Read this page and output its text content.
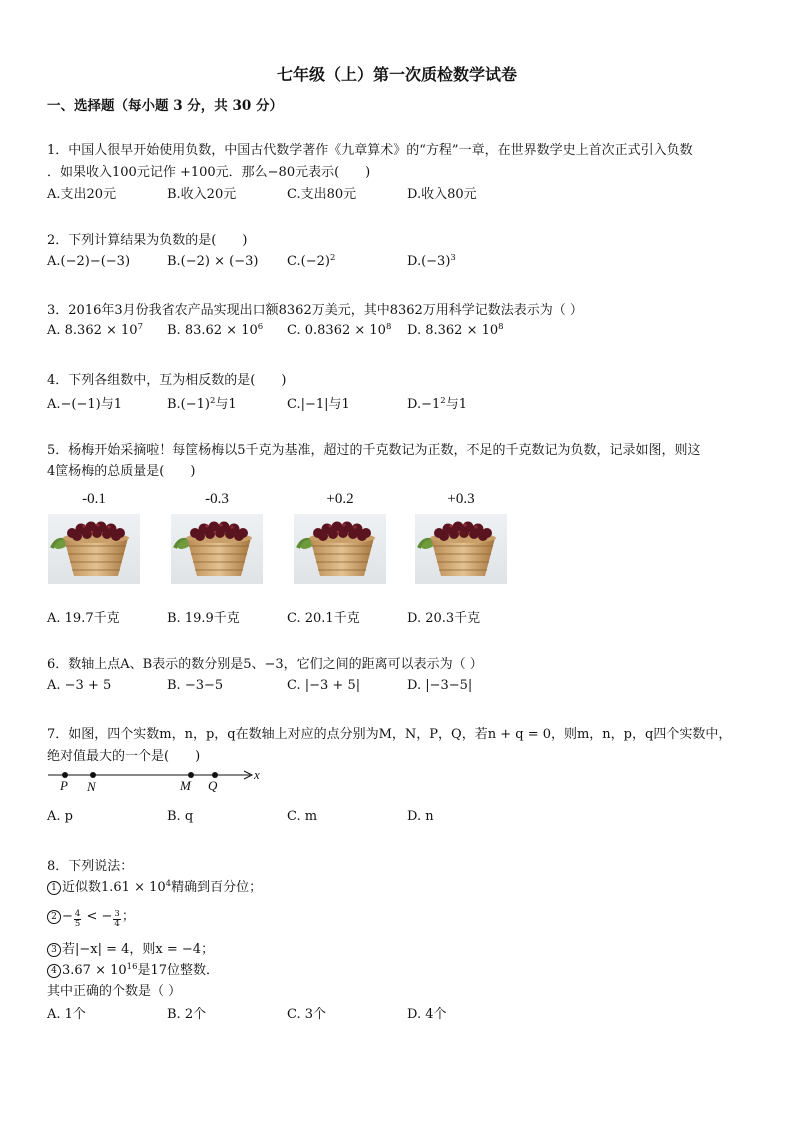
七年级（上）第一次质检数学试卷
一、选择题（每小题 3 分，共 30 分）
1．中国人很早开始使用负数，中国古代数学著作《九章算术》的“方程”一章，在世界数学史上首次正式引入负数
．如果收入100元记作 +100元．那么−80元表示(　　)
A.支出20元	B.收入20元	C.支出80元	D.收入80元
2．下列计算结果为负数的是(　　)
A.(−2)−(−3)	B.(−2) × (−3) $C.(-2)^2$	$D.(-3)^3$
3．2016年3月份我省农产品实现出口额8362万美元，其中8362万用科学记数法表示为（ ）
A. $8.362 \times 10^7$ B. $83.62 \times 10^6$ C. $0.8362 \times 10^8$ D. $8.362 \times 10^8$
4．下列各组数中，互为相反数的是(　　)
A.−(−1)与1	$B.(-1)^2$与1	C.|−1|与1	$D.-1^2$与1
5．杨梅开始采摘啦！每筐杨梅以5千克为基准，超过的千克数记为正数，不足的千克数记为负数，记录如图，则这
4筐杨梅的总质量是(　　)
-0.1	-0.3	+0.2	+0.3
A. 19.7千克	B. 19.9千克	C. 20.1千克	D. 20.3千克
6．数轴上点A、B表示的数分别是5、−3，它们之间的距离可以表示为（ ）
A. −3 + 5	B. −3−5	C. |−3 + 5|	D. |−3−5|
7．如图，四个实数m，n，p，q在数轴上对应的点分别为M，N，P，Q，若n + q = 0，则m，n，p，q四个实数中，
绝对值最大的一个是(　　)
x
P N	M Q
A. p	B. q	C. m	D. n
8．下列说法：
1 近似数$1.61 \times 10^4$精确到百分位；
$2 - \frac{4}{5}$ < − $\frac{3}{4}$ ；
3 若|−x| = 4，则x = −4；
4 $3.67 \times 10^{16}$是17位整数．
其中正确的个数是（ ）
A. 1个	B. 2个	C. 3个	D. 4个
